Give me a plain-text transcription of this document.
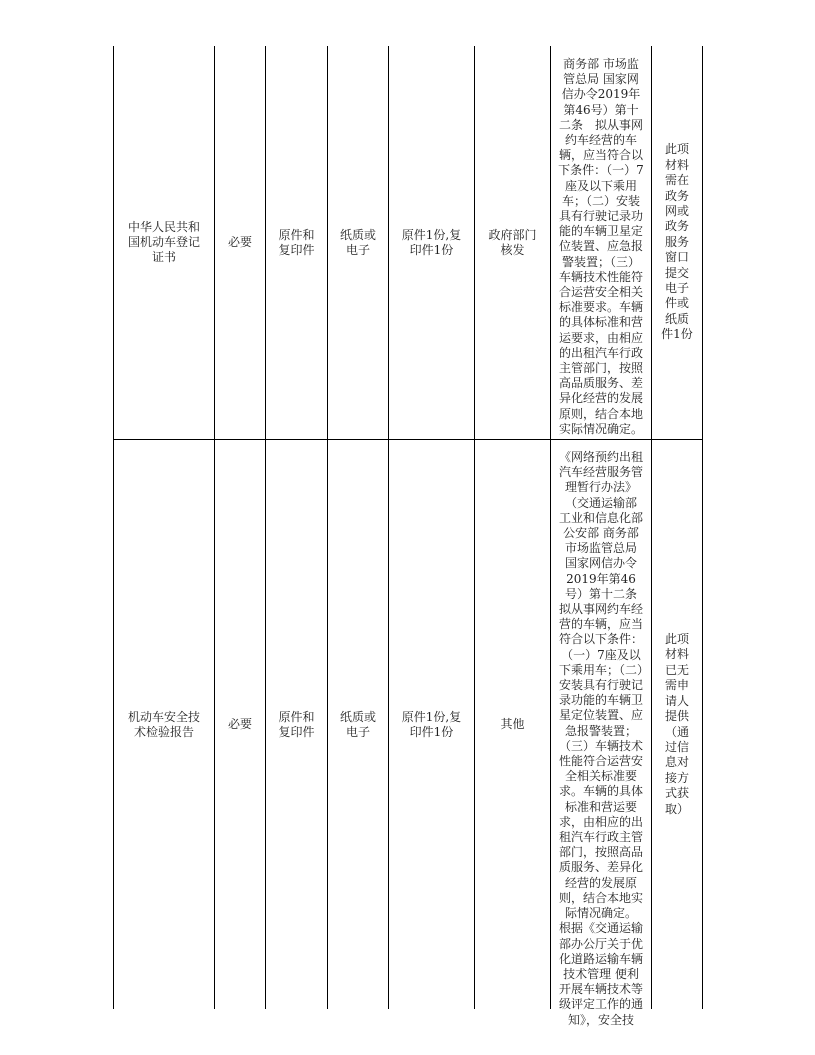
中华人民共和国机动车登记证书
必要
原件和复印件
纸质或电子
原件1份,复印件1份
政府部门核发
商务部 市场监管总局 国家网信办令2019年第46号）第十二条　拟从事网约车经营的车辆，应当符合以下条件：（一）7座及以下乘用车；（二）安装具有行驶记录功能的车辆卫星定位装置、应急报警装置；（三）车辆技术性能符合运营安全相关标准要求。车辆的具体标准和营运要求，由相应的出租汽车行政主管部门，按照高品质服务、差异化经营的发展原则，结合本地实际情况确定。
此项材料需在政务网或政务服务窗口提交电子件或纸质件1份
机动车安全技术检验报告
必要
原件和复印件
纸质或电子
原件1份,复印件1份
其他
《网络预约出租汽车经营服务管理暂行办法》（交通运输部 工业和信息化部 公安部 商务部 市场监管总局 国家网信办令2019年第46号）第十二条　拟从事网约车经营的车辆，应当符合以下条件：（一）7座及以下乘用车；（二）安装具有行驶记录功能的车辆卫星定位装置、应急报警装置；（三）车辆技术性能符合运营安全相关标准要求。车辆的具体标准和营运要求，由相应的出租汽车行政主管部门，按照高品质服务、差异化经营的发展原则，结合本地实际情况确定。 根据《交通运输部办公厅关于优化道路运输车辆技术管理 便利开展车辆技术等级评定工作的通知》，安全技
此项材料已无需申请人提供（通过信息对接方式获取）
